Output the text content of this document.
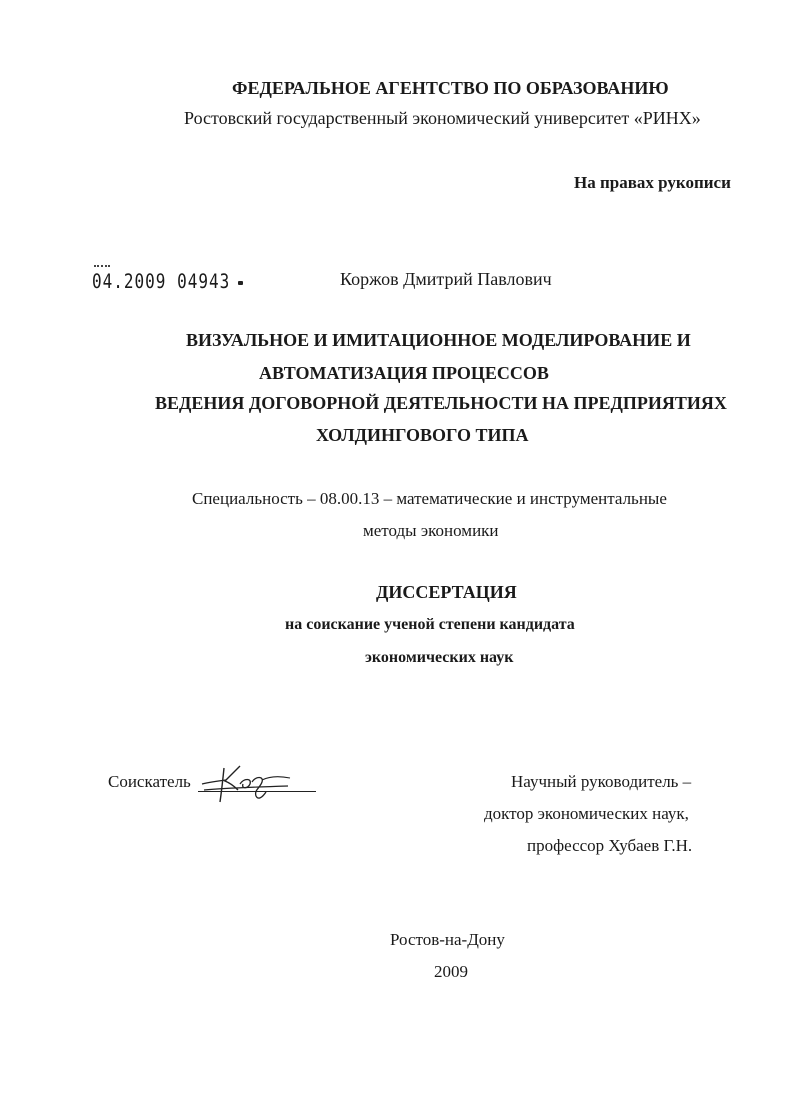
ФЕДЕРАЛЬНОЕ АГЕНТСТВО ПО ОБРАЗОВАНИЮ
Ростовский государственный экономический университет «РИНХ»
На правах рукописи
04.2009 04943	Коржов Дмитрий Павлович
ВИЗУАЛЬНОЕ И ИМИТАЦИОННОЕ МОДЕЛИРОВАНИЕ И
АВТОМАТИЗАЦИЯ ПРОЦЕССОВ
ВЕДЕНИЯ ДОГОВОРНОЙ ДЕЯТЕЛЬНОСТИ НА ПРЕДПРИЯТИЯХ
ХОЛДИНГОВОГО ТИПА
Специальность – 08.00.13 – математические и инструментальные
методы экономики
ДИССЕРТАЦИЯ
на соискание ученой степени кандидата
экономических наук
Соискатель	Научный руководитель –
доктор экономических наук,
профессор Хубаев Г.Н.
Ростов-на-Дону
2009
